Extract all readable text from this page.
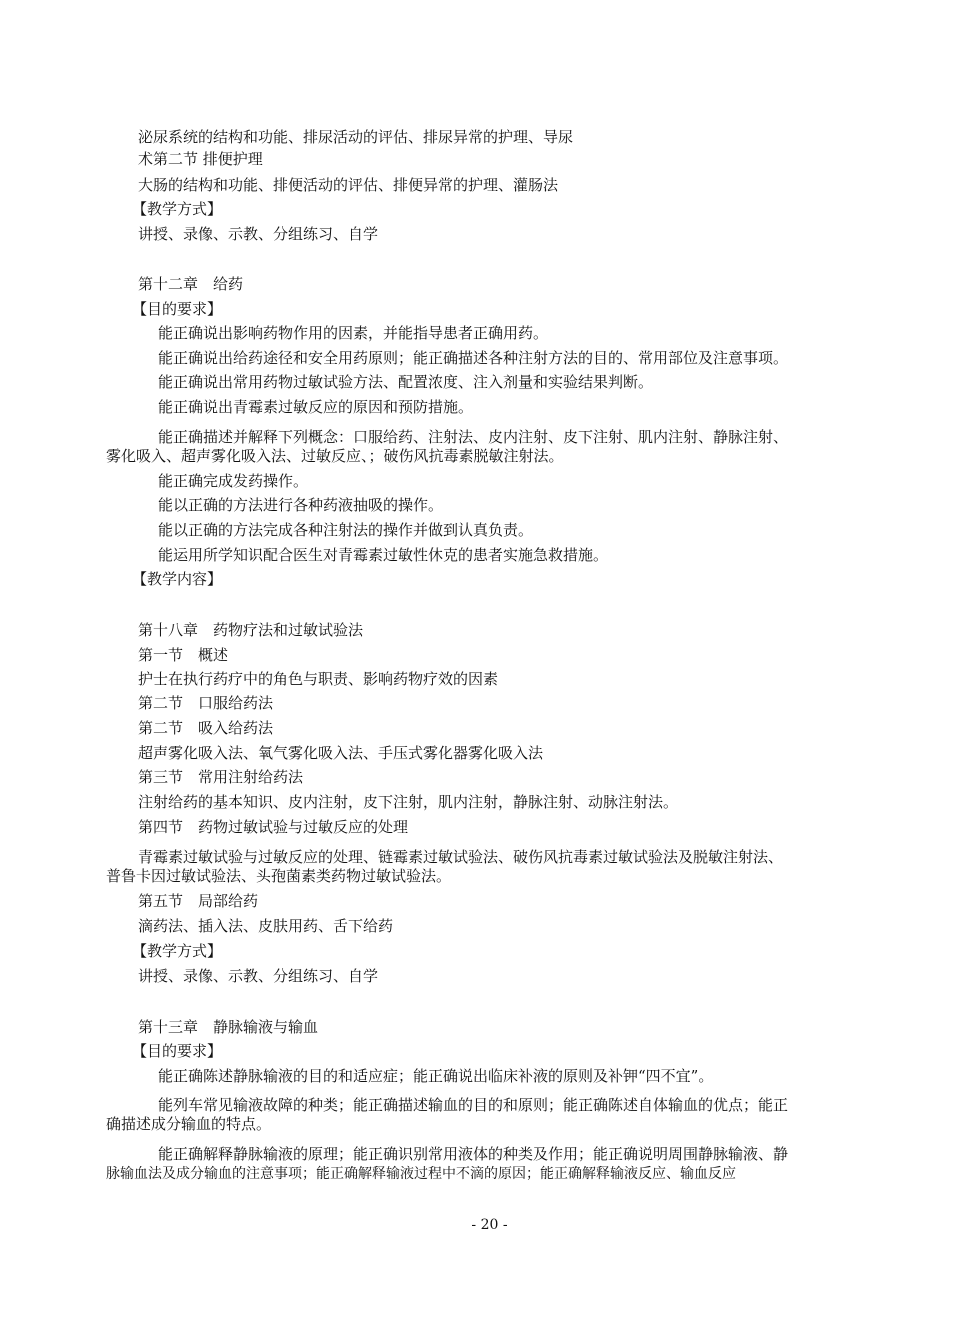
泌尿系统的结构和功能、排尿活动的评估、排尿异常的护理、导尿
术第二节 排便护理
大肠的结构和功能、排便活动的评估、排便异常的护理、灌肠法
【教学方式】
讲授、录像、示教、分组练习、自学
第十二章　给药
【目的要求】
能正确说出影响药物作用的因素，并能指导患者正确用药。
能正确说出给药途径和安全用药原则；能正确描述各种注射方法的目的、常用部位及注意事项。
能正确说出常用药物过敏试验方法、配置浓度、注入剂量和实验结果判断。
能正确说出青霉素过敏反应的原因和预防措施。
能正确描述并解释下列概念：口服给药、注射法、皮内注射、皮下注射、肌内注射、静脉注射、
雾化吸入、超声雾化吸入法、过敏反应、；破伤风抗毒素脱敏注射法。
能正确完成发药操作。
能以正确的方法进行各种药液抽吸的操作。
能以正确的方法完成各种注射法的操作并做到认真负责。
能运用所学知识配合医生对青霉素过敏性休克的患者实施急救措施。
【教学内容】
第十八章　药物疗法和过敏试验法
第一节　概述
护士在执行药疗中的角色与职责、影响药物疗效的因素
第二节　口服给药法
第二节　吸入给药法
超声雾化吸入法、氧气雾化吸入法、手压式雾化器雾化吸入法
第三节　常用注射给药法
注射给药的基本知识、皮内注射，皮下注射，肌内注射，静脉注射、动脉注射法。
第四节　药物过敏试验与过敏反应的处理
青霉素过敏试验与过敏反应的处理、链霉素过敏试验法、破伤风抗毒素过敏试验法及脱敏注射法、
普鲁卡因过敏试验法、头孢菌素类药物过敏试验法。
第五节　局部给药
滴药法、插入法、皮肤用药、舌下给药
【教学方式】
讲授、录像、示教、分组练习、自学
第十三章　静脉输液与输血
【目的要求】
能正确陈述静脉输液的目的和适应症；能正确说出临床补液的原则及补钾“四不宜”。
能列车常见输液故障的种类；能正确描述输血的目的和原则；能正确陈述自体输血的优点；能正
确描述成分输血的特点。
能正确解释静脉输液的原理；能正确识别常用液体的种类及作用；能正确说明周围静脉输液、静
脉输血法及成分输血的注意事项；能正确解释输液过程中不滴的原因；能正确解释输液反应、输血反应
- 20 -
